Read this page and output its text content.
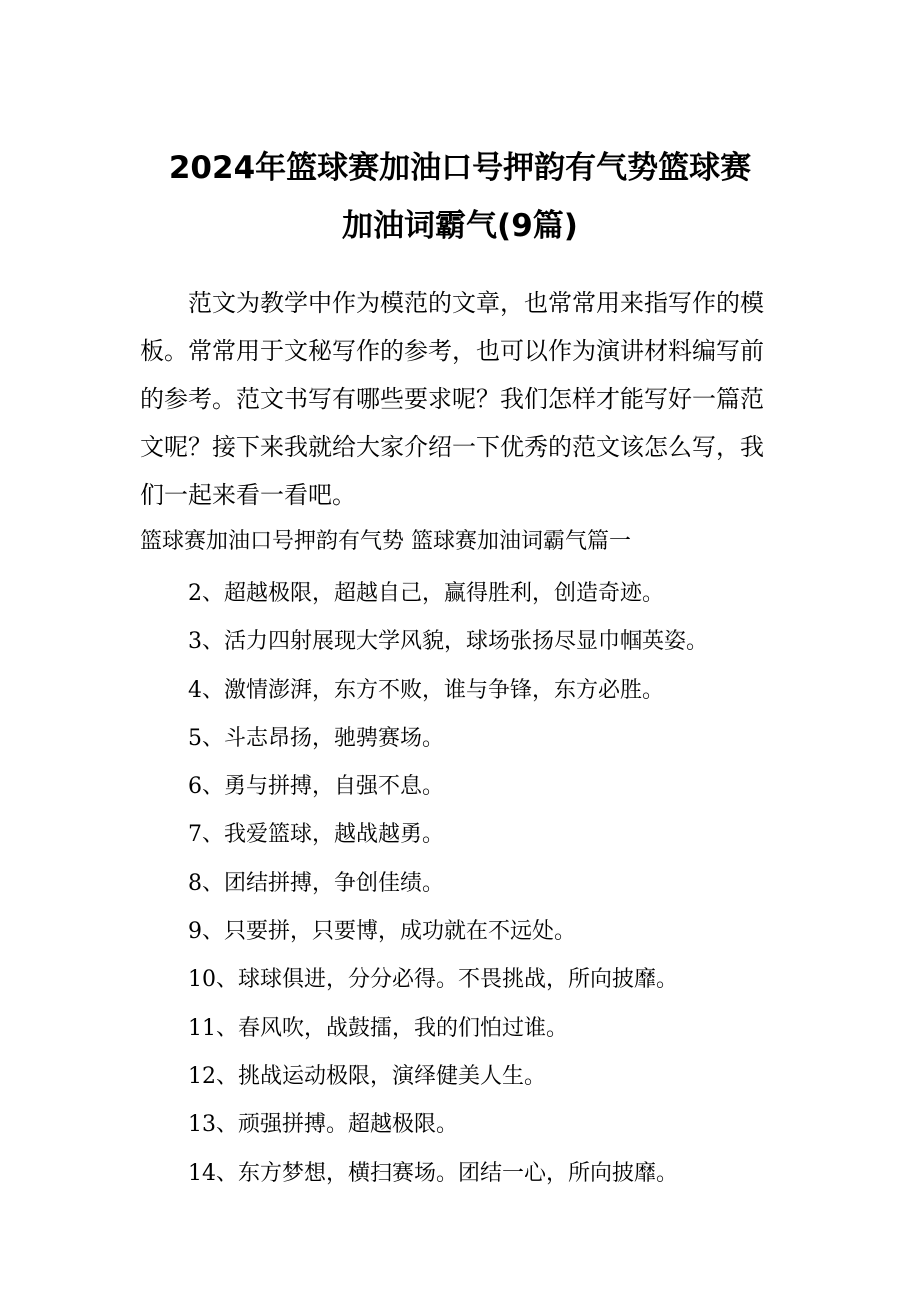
2024年篮球赛加油口号押韵有气势篮球赛
加油词霸气(9篇)
范文为教学中作为模范的文章，也常常用来指写作的模
板。常常用于文秘写作的参考，也可以作为演讲材料编写前
的参考。范文书写有哪些要求呢？我们怎样才能写好一篇范
文呢？接下来我就给大家介绍一下优秀的范文该怎么写，我
们一起来看一看吧。

篮球赛加油口号押韵有气势 篮球赛加油词霸气篇一

2、超越极限，超越自己，赢得胜利，创造奇迹。
3、活力四射展现大学风貌，球场张扬尽显巾帼英姿。
4、激情澎湃，东方不败，谁与争锋，东方必胜。
5、斗志昂扬，驰骋赛场。
6、勇与拼搏，自强不息。
7、我爱篮球，越战越勇。
8、团结拼搏，争创佳绩。
9、只要拼，只要博，成功就在不远处。
10、球球俱进，分分必得。不畏挑战，所向披靡。
11、春风吹，战鼓擂，我的们怕过谁。
12、挑战运动极限，演绎健美人生。
13、顽强拼搏。超越极限。
14、东方梦想，横扫赛场。团结一心，所向披靡。
